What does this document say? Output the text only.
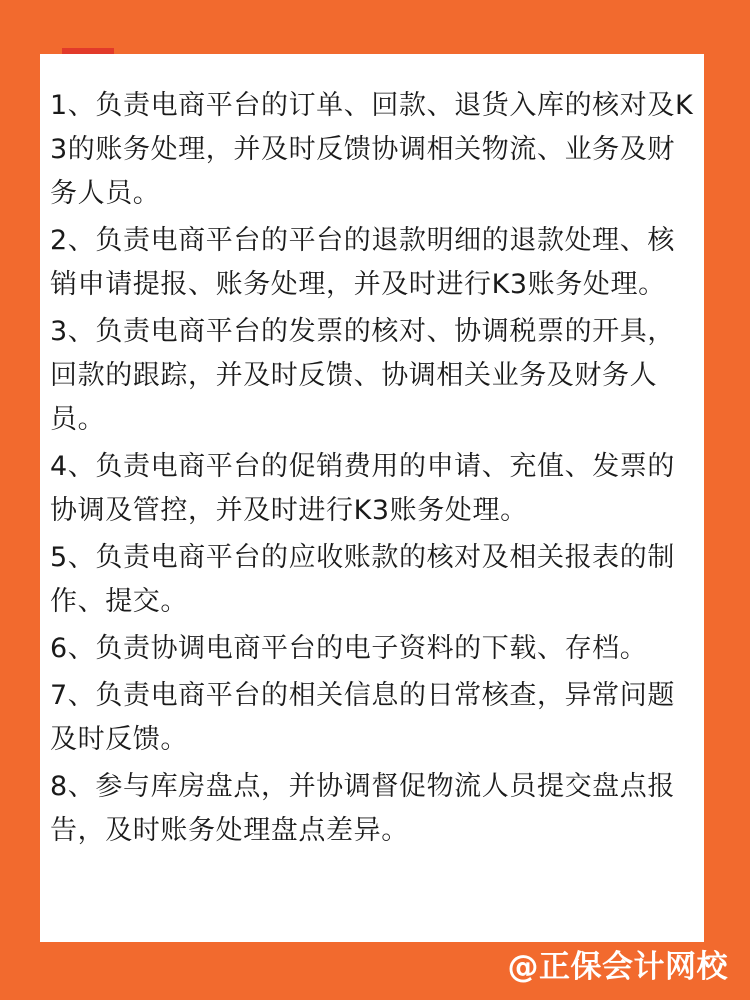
1、负责电商平台的订单、回款、退货入库的核对及K3的账务处理，并及时反馈协调相关物流、业务及财务人员。

2、负责电商平台的平台的退款明细的退款处理、核销申请提报、账务处理，并及时进行K3账务处理。

3、负责电商平台的发票的核对、协调税票的开具，回款的跟踪，并及时反馈、协调相关业务及财务人员。

4、负责电商平台的促销费用的申请、充值、发票的协调及管控，并及时进行K3账务处理。

5、负责电商平台的应收账款的核对及相关报表的制作、提交。

6、负责协调电商平台的电子资料的下载、存档。

7、负责电商平台的相关信息的日常核查，异常问题及时反馈。

8、参与库房盘点，并协调督促物流人员提交盘点报告，及时账务处理盘点差异。

@正保会计网校
